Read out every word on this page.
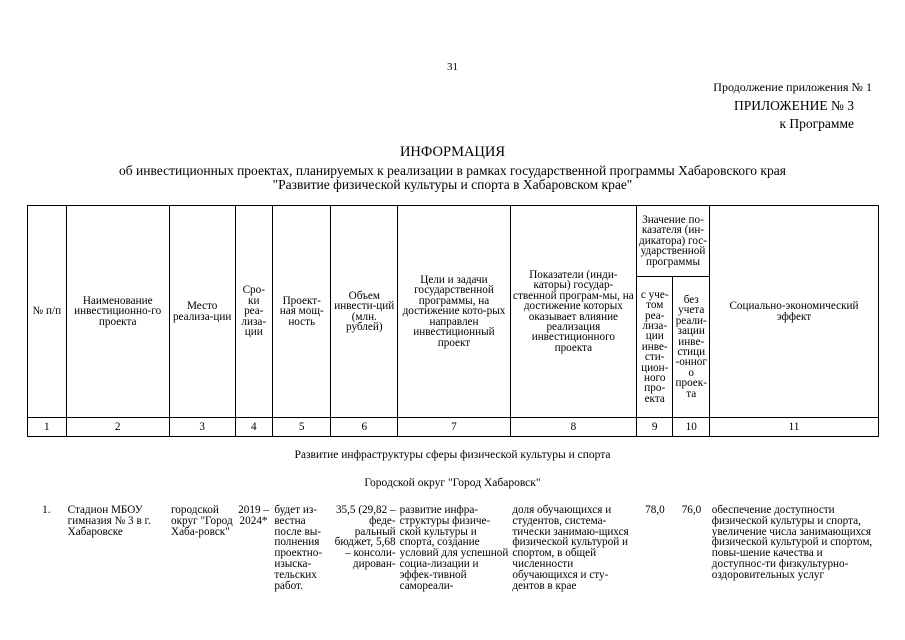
31
Продолжение приложения № 1
ПРИЛОЖЕНИЕ № 3
к Программе
ИНФОРМАЦИЯ
об инвестиционных проектах, планируемых к реализации в рамках государственной программы Хабаровского края
"Развитие физической культуры и спорта в Хабаровском крае"
№ п/п	Наименование инвестиционно-го проекта	Место реализа-ции	Сро-ки реа-лиза-ции	Проект-ная мощ-ность	Объем инвести-ций (млн. рублей)	Цели и задачи государственной программы, на достижение кото-рых направлен инвестиционный проект	Показатели (инди-каторы) государ-ственной програм-мы, на достижение которых оказывает влияние реализация инвестиционного проекта	Значение по-казателя (ин-дикатора) гос-ударственной программы		Социально-экономический эффект
								с уче-том реа-лиза-ции инве-сти-цион-ного про-екта	без учета реали-зации инве-стици-онного проек-та	
1	2	3	4	5	6	7	8	9	10	11
Развитие инфраструктуры сферы физической культуры и спорта
Городской округ "Город Хабаровск"
1.	Стадион МБОУ гимназия № 3 в г. Хабаровске	городской округ "Город Хаба-ровск"	2019 – 2024*	будет из-вестна после вы-полнения проектно-изыска-тельских работ.	35,5 (29,82 – феде-ральный бюджет, 5,68 – консоли-дирован-	развитие инфра-структуры физиче-ской культуры и спорта, создание условий для успешной социа-лизации и эффек-тивной самореали-	доля обучающихся и студентов, система-тически занимаю-щихся физической культурой и спортом, в общей численности обучающихся и сту-дентов в крае	78,0	76,0	обеспечение доступности физической культуры и спорта, увеличение числа занимающихся физической культурой и спортом, повы-шение качества и доступнос-ти физкультурно-оздоровительных услуг
